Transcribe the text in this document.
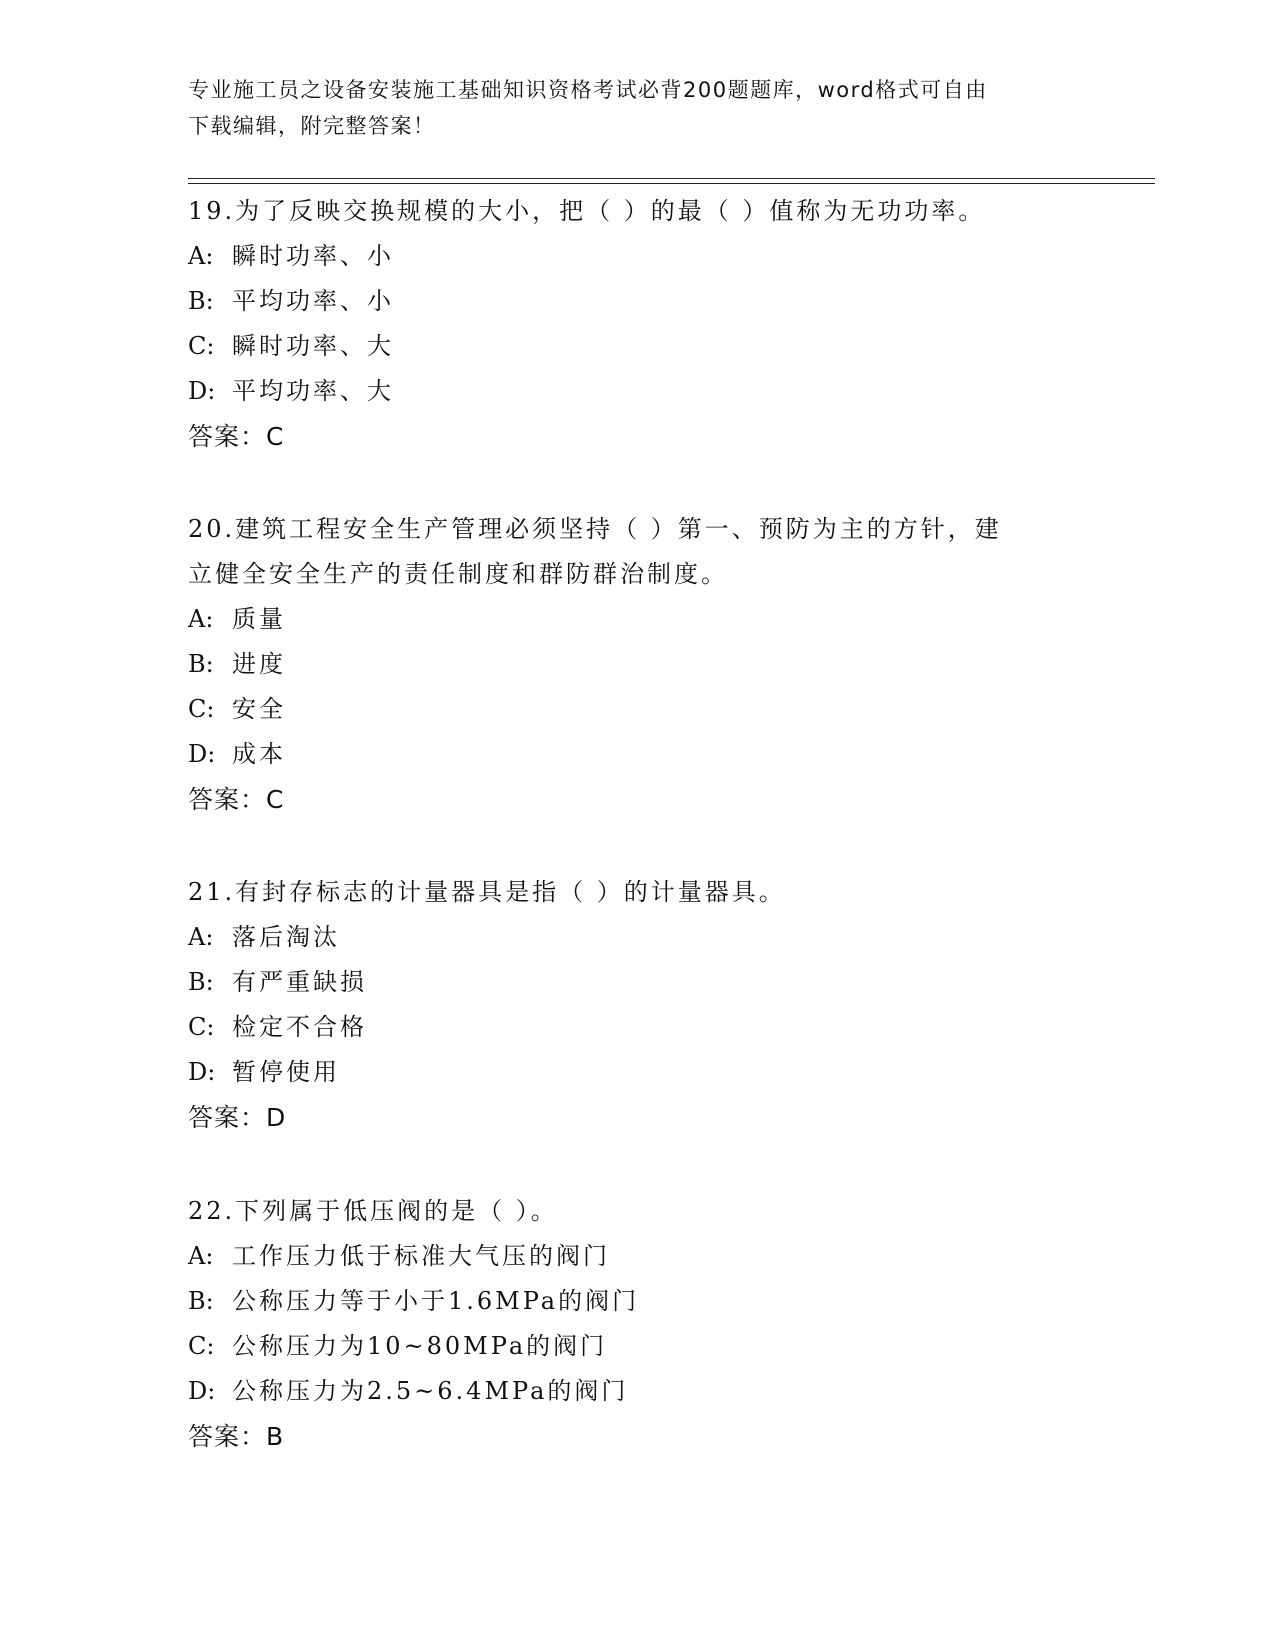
专业施工员之设备安装施工基础知识资格考试必背200题题库，word格式可自由
下载编辑，附完整答案！
19.为了反映交换规模的大小，把（ ）的最（ ）值称为无功功率。
A: 瞬时功率、小
B: 平均功率、小
C: 瞬时功率、大
D: 平均功率、大
答案：C
20.建筑工程安全生产管理必须坚持（ ）第一、预防为主的方针，建
立健全安全生产的责任制度和群防群治制度。
A: 质量
B: 进度
C: 安全
D: 成本
答案：C
21.有封存标志的计量器具是指（ ）的计量器具。
A: 落后淘汰
B: 有严重缺损
C: 检定不合格
D: 暂停使用
答案：D
22.下列属于低压阀的是（ ）。
A: 工作压力低于标准大气压的阀门
B: 公称压力等于小于1.6MPa的阀门
C: 公称压力为10~80MPa的阀门
D: 公称压力为2.5~6.4MPa的阀门
答案：B
